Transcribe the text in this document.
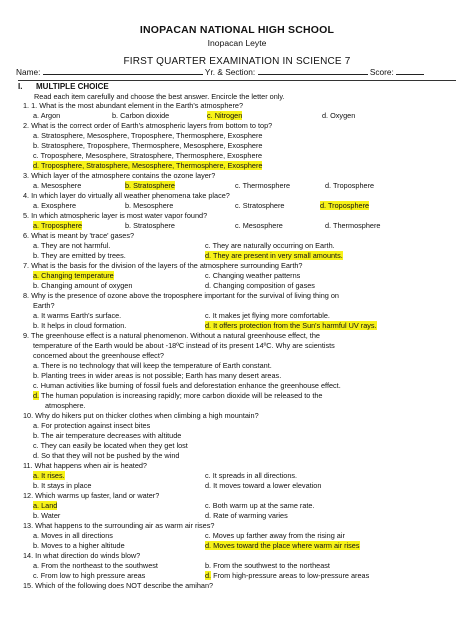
INOPACAN NATIONAL HIGH SCHOOL
Inopacan Leyte
FIRST QUARTER EXAMINATION IN SCIENCE 7
Name:	Yr. & Section:	Score:
I. MULTIPLE CHOICE
Read each item carefully and choose the best answer. Encircle the letter only.
1. 1. What is the most abundant element in the Earth's atmosphere?
a. Argon	b. Carbon dioxide	c. Nitrogen	d. Oxygen
2. What is the correct order of Earth's atmospheric layers from bottom to top?
a. Stratosphere, Mesosphere, Troposphere, Thermosphere, Exosphere
b. Stratosphere, Troposphere, Thermosphere, Mesosphere, Exosphere
c. Troposphere, Mesosphere, Stratosphere, Thermosphere, Exosphere
d. Troposphere, Stratosphere, Mesosphere, Thermosphere, Exosphere
3. Which layer of the atmosphere contains the ozone layer?
a. Mesosphere	b. Stratosphere	c. Thermosphere	d. Troposphere
4. In which layer do virtually all weather phenomena take place?
a. Exosphere	b. Mesosphere	c. Stratosphere	d. Troposphere
5. In which atmospheric layer is most water vapor found?
a. Troposphere	b. Stratosphere	c. Mesosphere	d. Thermosphere
6. What is meant by 'trace' gases?
a. They are not harmful.	c. They are naturally occurring on Earth.
b. They are emitted by trees.	d. They are present in very small amounts.
7. What is the basis for the division of the layers of the atmosphere surrounding Earth?
a. Changing temperature	c. Changing weather patterns
b. Changing amount of oxygen	d. Changing composition of gases
8. Why is the presence of ozone above the troposphere important for the survival of living thing on
Earth?
a. It warms Earth's surface.	c. It makes jet flying more comfortable.
b. It helps in cloud formation.	d. It offers protection from the Sun's harmful UV rays.
9. The greenhouse effect is a natural phenomenon. Without a natural greenhouse effect, the
temperature of the Earth would be about -18ºC instead of its present 14ºC. Why are scientists
concerned about the greenhouse effect?
a. There is no technology that will keep the temperature of Earth constant.
b. Planting trees in wider areas is not possible; Earth has many desert areas.
c. Human activities like burning of fossil fuels and deforestation enhance the greenhouse effect.
d. The human population is increasing rapidly; more carbon dioxide will be released to the
atmosphere.
10. Why do hikers put on thicker clothes when climbing a high mountain?
a. For protection against insect bites
b. The air temperature decreases with altitude
c. They can easily be located when they get lost
d. So that they will not be pushed by the wind
11. What happens when air is heated?
a. It rises.	c. It spreads in all directions.
b. It stays in place	d. It moves toward a lower elevation
12. Which warms up faster, land or water?
a. Land	c. Both warm up at the same rate.
b. Water	d. Rate of warming varies
13. What happens to the surrounding air as warm air rises?
a. Moves in all directions	c. Moves up farther away from the rising air
b. Moves to a higher altitude	d. Moves toward the place where warm air rises
14. In what direction do winds blow?
a. From the northeast to the southwest	b. From the southwest to the northeast
c. From low to high pressure areas	d. From high-pressure areas to low-pressure areas
15. Which of the following does NOT describe the amihan?
